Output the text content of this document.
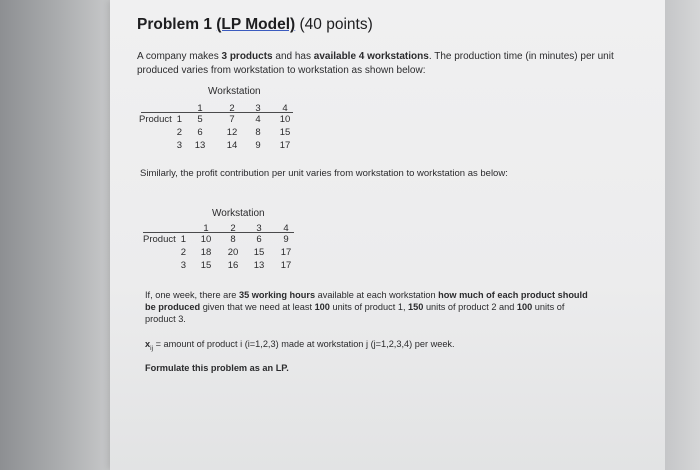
Problem 1 (LP Model) (40 points)
A company makes 3 products and has available 4 workstations. The production time (in minutes) per unit
produced varies from workstation to workstation as shown below:
Workstation
1	2	3	4
Product 1	5	7	4	10
2	6	12	8	15
3	13	14	9	17
Similarly, the profit contribution per unit varies from workstation to workstation as below:
Workstation
1	2	3	4
Product 1	10	8	6	9
2	18	20	15	17
3	15	16	13	17
If, one week, there are 35 working hours available at each workstation how much of each product should
be produced given that we need at least 100 units of product 1, 150 units of product 2 and 100 units of
product 3.
$x_{ij}$ = amount of product i (i=1,2,3) made at workstation j (j=1,2,3,4) per week.
Formulate this problem as an LP.
